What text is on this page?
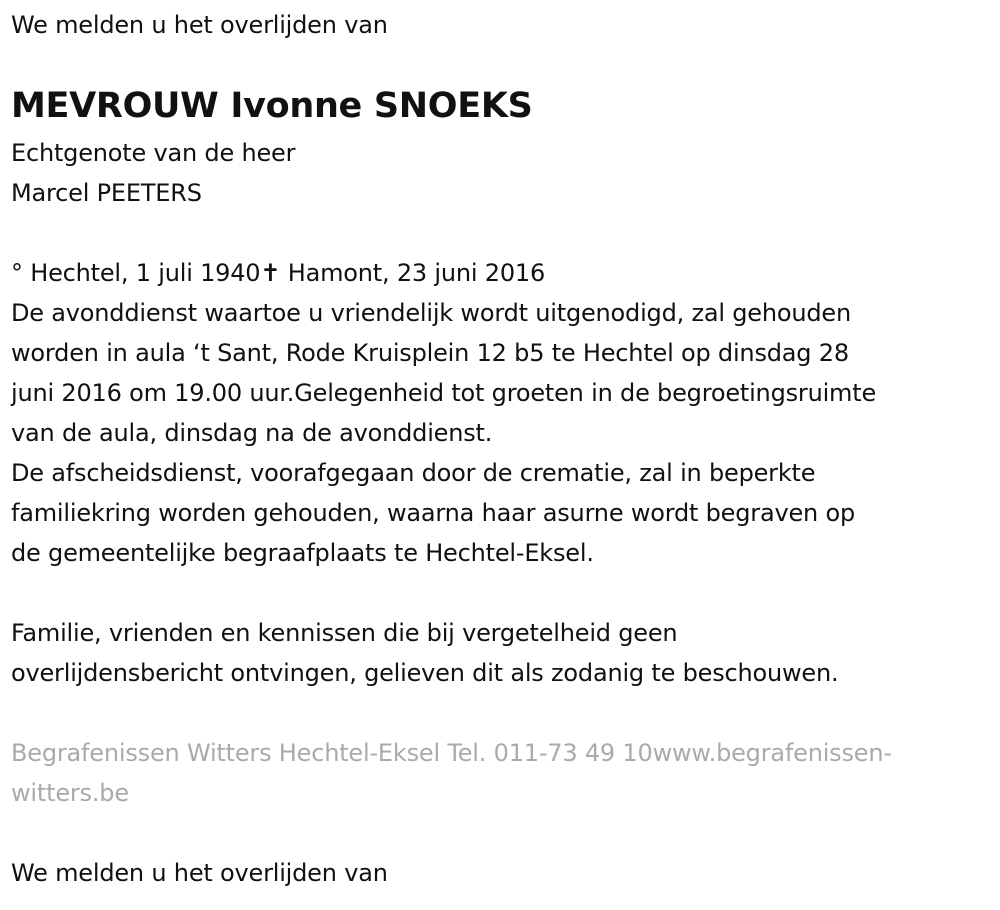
We melden u het overlijden van
MEVROUW Ivonne SNOEKS
Echtgenote van de heer
Marcel PEETERS
° Hechtel, 1 juli 1940✝ Hamont, 23 juni 2016
De avonddienst waartoe u vriendelijk wordt uitgenodigd, zal gehouden
worden in aula ‘t Sant, Rode Kruisplein 12 b5 te Hechtel op dinsdag 28
juni 2016 om 19.00 uur.Gelegenheid tot groeten in de begroetingsruimte
van de aula, dinsdag na de avonddienst.
De afscheidsdienst, voorafgegaan door de crematie, zal in beperkte
familiekring worden gehouden, waarna haar asurne wordt begraven op
de gemeentelijke begraafplaats te Hechtel-Eksel.
Familie, vrienden en kennissen die bij vergetelheid geen
overlijdensbericht ontvingen, gelieven dit als zodanig te beschouwen.
Begrafenissen Witters Hechtel-Eksel Tel. 011-73 49 10www.begrafenissen-
witters.be
We melden u het overlijden van
